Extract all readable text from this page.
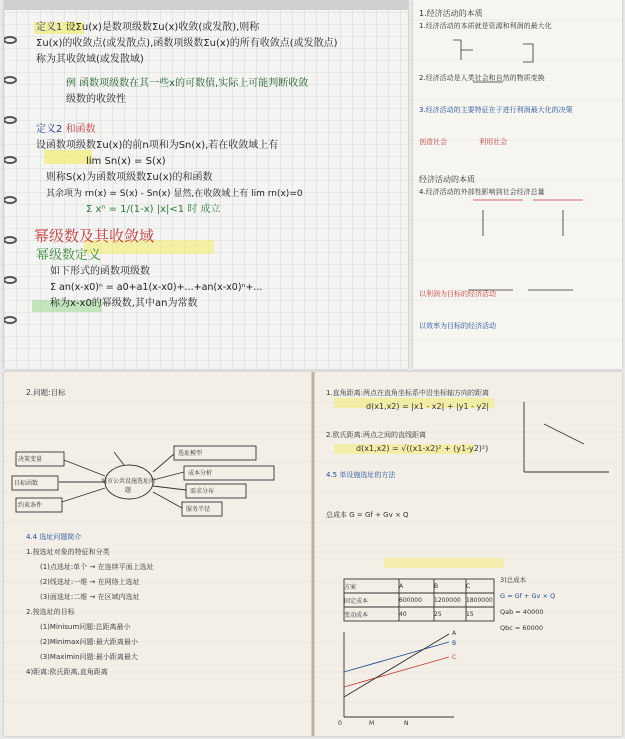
定义1 设Σu(x)是数项级数Σu(x)收敛(或发散),则称
Σu(x)的收敛点(或发散点),函数项级数Σu(x)的所有收敛点(或发散点)
称为其收敛域(或发散域)
例 函数项级数在其一些x的可数值,实际上可能判断收敛
级数的收敛性
定义2 和函数
设函数项级数Σu(x)的前n项和为Sn(x),若在收敛域上有
lim Sn(x) = S(x)
则称S(x)为函数项级数Σu(x)的和函数
其余项为 rn(x) = S(x) - Sn(x) 显然,在收敛域上有 lim rn(x)=0
Σ xⁿ = 1/(1-x) |x|<1 时 成立
幂级数及其收敛域
幂级数定义
如下形式的函数项级数
Σ an(x-x0)ⁿ = a0+a1(x-x0)+...+an(x-x0)ⁿ+...
称为x-x0的幂级数,其中an为常数
1.经济活动的本质
1.经济活动的本质就是资源和利润的最大化
2.经济活动是人类社会和自然的物质变换
3.经济活动的主要特征在于进行利润最大化的决策
创造社会	利用社会
经济活动的本质
4.经济活动的外部性影响到社会经济总量
以利润为目标的经济活动
以效率为目标的经济活动
2.问题:目标
城市公共设施选址问题
决策变量
目标函数
约束条件
选址模型
成本分析
需求分布
服务半径
4.4 选址问题简介
1.按选址对象的特征和分类
(1)点选址:单个 → 在连续平面上选址
(2)线选址:一维 → 在网络上选址
(3)面选址:二维 → 在区域内选址
2.按选址的目标
(1)Minisum问题:总距离最小
(2)Minimax问题:最大距离最小
(3)Maximin问题:最小距离最大
4)距离:欧氏距离,直角距离
1.直角距离:两点在直角坐标系中沿坐标轴方向的距离
d(x1,x2) = |x1 - x2| + |y1 - y2|
2.欧氏距离:两点之间的直线距离
d(x1,x2) = √((x1-x2)² + (y1-y2)²)
4.5 单设施选址的方法
总成本 G = Gf + Gv × Q
方案	A	B	C
固定成本	600000	1200000 1800000
变动成本	40	25	15
0	M	N
A
B
C
3)总成本
G = Gf + Gv × Q
Qab = 40000
Qbc = 60000
